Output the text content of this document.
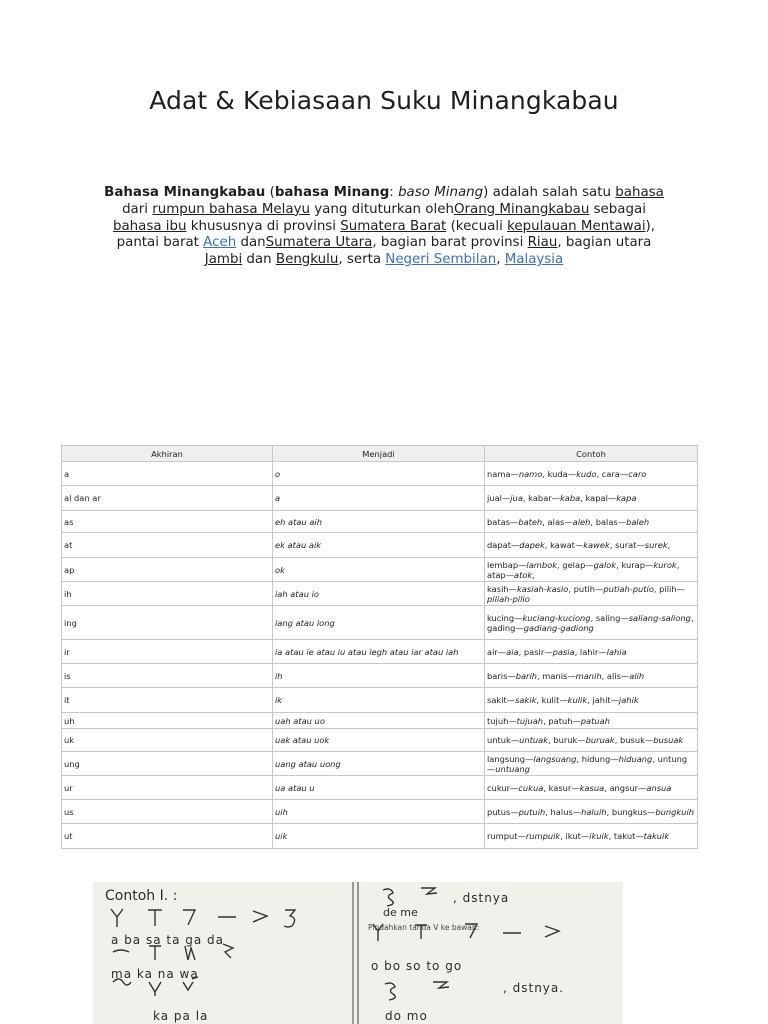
Adat & Kebiasaan Suku Minangkabau
Bahasa Minangkabau (bahasa Minang: baso Minang) adalah salah satu bahasa dari rumpun bahasa Melayu yang dituturkan olehOrang Minangkabau sebagai bahasa ibu khususnya di provinsi Sumatera Barat (kecuali kepulauan Mentawai), pantai barat Aceh danSumatera Utara, bagian barat provinsi Riau, bagian utara Jambi dan Bengkulu, serta Negeri Sembilan, Malaysia
Akhiran	Menjadi	Contoh
a	o	nama—namo, kuda—kudo, cara—caro
al dan ar	a	jual—jua, kabar—kaba, kapal—kapa
as	eh atau aih	batas—bateh, alas—aleh, balas—baleh
at	ek atau aik	dapat—dapek, kawat—kawek, surat—surek,
ap	ok	lembap—lambok, gelap—galok, kurap—kurok, atap—atok,
ih	iah atau io	kasih—kasiah-kasio, putih—putiah-putio, pilih—piliah-pilio
ing	iang atau iong	kucing—kuciang-kuciong, saling—saliang-saliong, gading—gadiang-gadiong
ir	ia atau ie atau iu atau iegh atau iar atau iah	air—aia, pasir—pasia, lahir—lahia
is	ih	baris—barih, manis—manih, alis—alih
it	ik	sakit—sakik, kulit—kulik, jahit—jahik
uh	uah atau uo	tujuh—tujuah, patuh—patuah
uk	uak atau uok	untuk—untuak, buruk—buruak, busuk—busuak
ung	uang atau uong	langsung—langsuang, hidung—hiduang, untung—untuang
ur	ua atau u	cukur—cukua, kasur—kasua, angsur—ansua
us	uih	putus—putuih, halus—haluih, bungkus—bungkuih
ut	uik	rumput—rumpuik, ikut—ikuik, takut—takuik
Contoh I. :
a ba sa ta ga da
ma ka na wa
ka pa la
, dstnya
de me
Pindahkan tanda V ke bawah:
o bo so to go
do mo
, dstnya.
